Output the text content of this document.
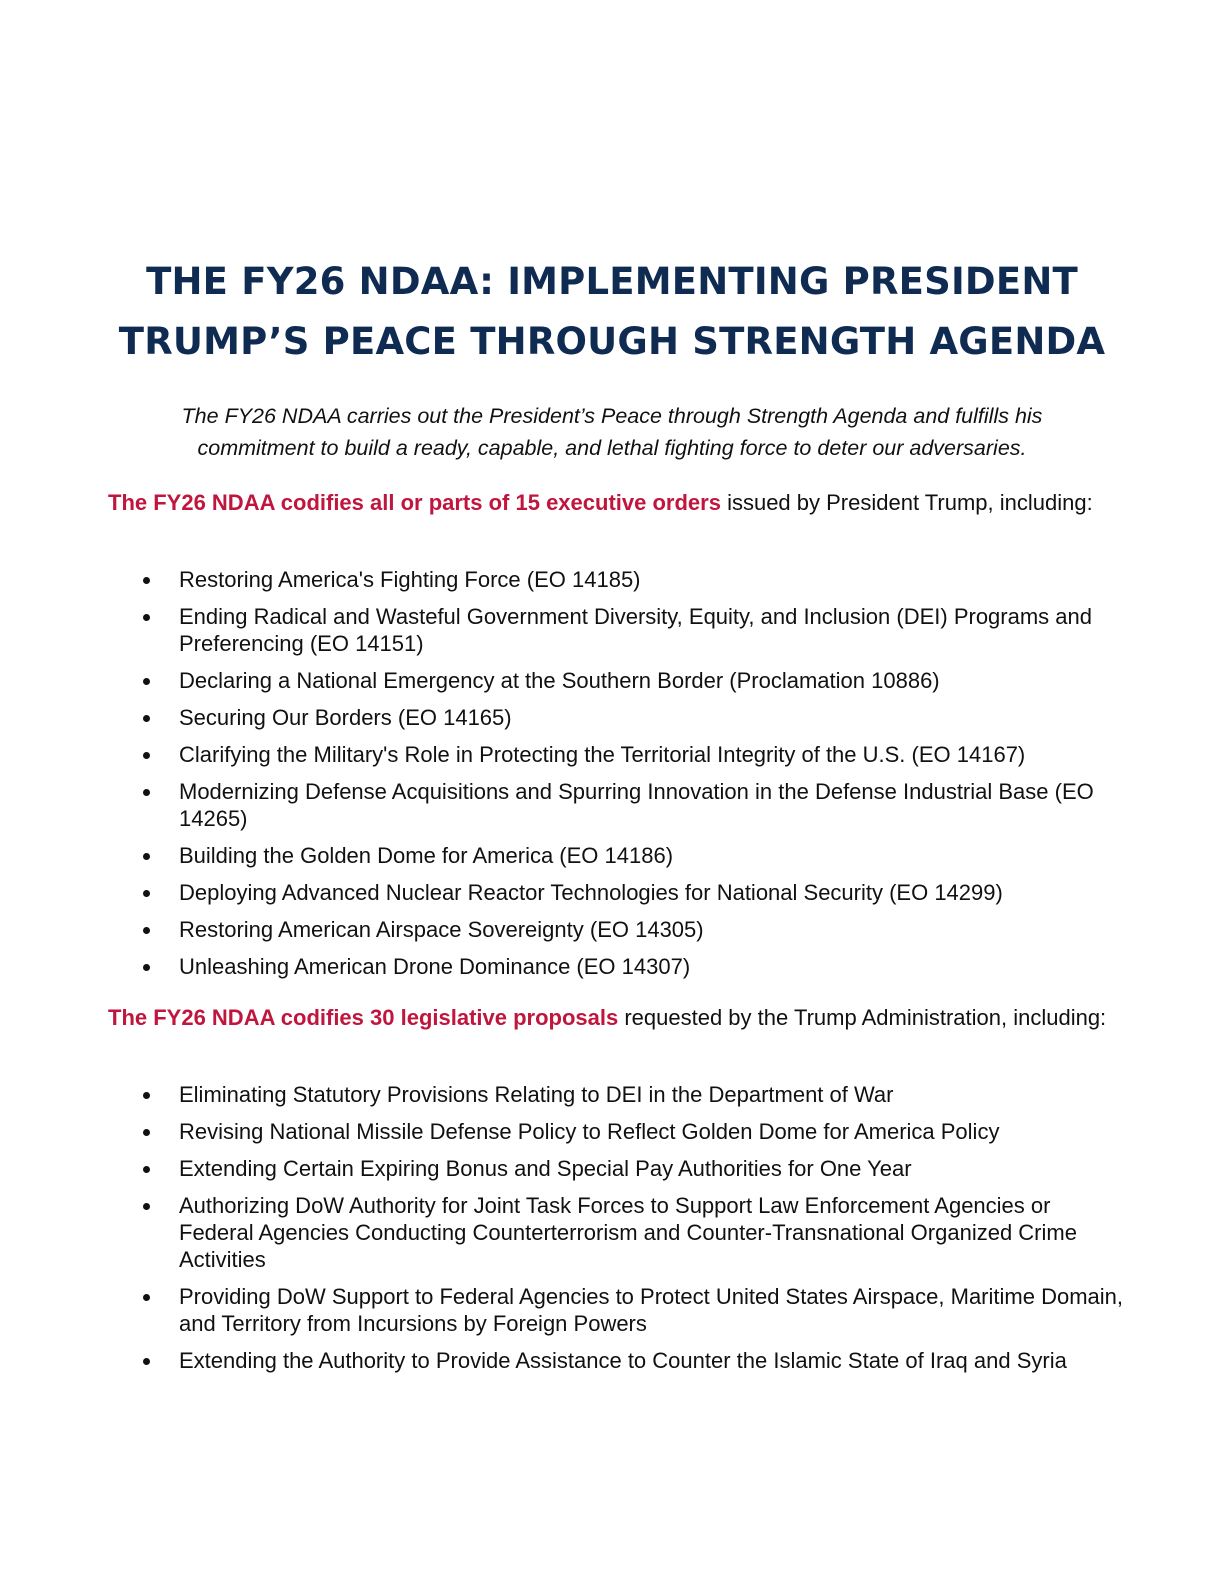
THE FY26 NDAA: IMPLEMENTING PRESIDENT
TRUMP’S PEACE THROUGH STRENGTH AGENDA

The FY26 NDAA carries out the President’s Peace through Strength Agenda and fulfills his
commitment to build a ready, capable, and lethal fighting force to deter our adversaries.

The FY26 NDAA codifies all or parts of 15 executive orders issued by President Trump, including:

Restoring America's Fighting Force (EO 14185)
Ending Radical and Wasteful Government Diversity, Equity, and Inclusion (DEI) Programs and Preferencing (EO 14151)
Declaring a National Emergency at the Southern Border (Proclamation 10886)
Securing Our Borders (EO 14165)
Clarifying the Military's Role in Protecting the Territorial Integrity of the U.S. (EO 14167)
Modernizing Defense Acquisitions and Spurring Innovation in the Defense Industrial Base (EO 14265)
Building the Golden Dome for America (EO 14186)
Deploying Advanced Nuclear Reactor Technologies for National Security (EO 14299)
Restoring American Airspace Sovereignty (EO 14305)
Unleashing American Drone Dominance (EO 14307)

The FY26 NDAA codifies 30 legislative proposals requested by the Trump Administration, including:

Eliminating Statutory Provisions Relating to DEI in the Department of War
Revising National Missile Defense Policy to Reflect Golden Dome for America Policy
Extending Certain Expiring Bonus and Special Pay Authorities for One Year
Authorizing DoW Authority for Joint Task Forces to Support Law Enforcement Agencies or Federal Agencies Conducting Counterterrorism and Counter-Transnational Organized Crime Activities
Providing DoW Support to Federal Agencies to Protect United States Airspace, Maritime Domain, and Territory from Incursions by Foreign Powers
Extending the Authority to Provide Assistance to Counter the Islamic State of Iraq and Syria
